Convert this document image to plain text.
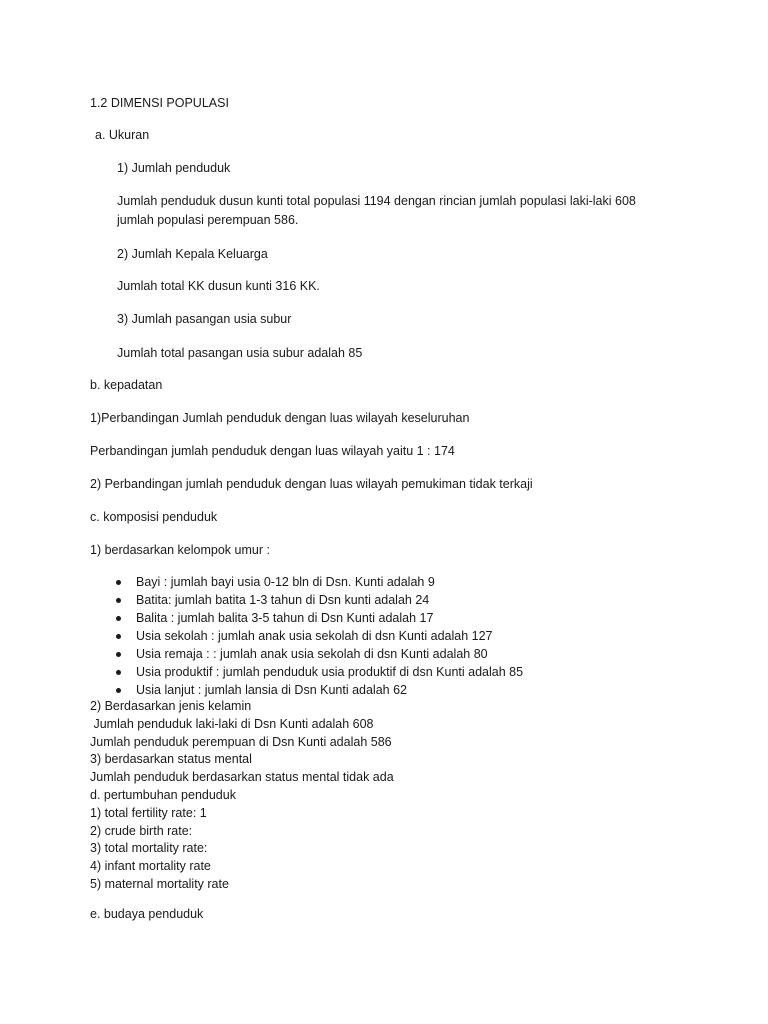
1.2 DIMENSI POPULASI
a. Ukuran
1) Jumlah penduduk
Jumlah penduduk dusun kunti total populasi 1194 dengan rincian jumlah populasi laki-laki 608
jumlah populasi perempuan 586.
2) Jumlah Kepala Keluarga
Jumlah total KK dusun kunti 316 KK.
3) Jumlah pasangan usia subur
Jumlah total pasangan usia subur adalah 85
b. kepadatan
1)Perbandingan Jumlah penduduk dengan luas wilayah keseluruhan
Perbandingan jumlah penduduk dengan luas wilayah yaitu 1 : 174
2) Perbandingan jumlah penduduk dengan luas wilayah pemukiman tidak terkaji
c. komposisi penduduk
1) berdasarkan kelompok umur :
Bayi : jumlah bayi usia 0-12 bln di Dsn. Kunti adalah 9
Batita: jumlah batita 1-3 tahun di Dsn kunti adalah 24
Balita : jumlah balita 3-5 tahun di Dsn Kunti adalah 17
Usia sekolah : jumlah anak usia sekolah di dsn Kunti adalah 127
Usia remaja : : jumlah anak usia sekolah di dsn Kunti adalah 80
Usia produktif : jumlah penduduk usia produktif di dsn Kunti adalah 85
Usia lanjut : jumlah lansia di Dsn Kunti adalah 62
2) Berdasarkan jenis kelamin
Jumlah penduduk laki-laki di Dsn Kunti adalah 608
Jumlah penduduk perempuan di Dsn Kunti adalah 586
3) berdasarkan status mental
Jumlah penduduk berdasarkan status mental tidak ada
d. pertumbuhan penduduk
1) total fertility rate: 1
2) crude birth rate:
3) total mortality rate:
4) infant mortality rate
5) maternal mortality rate
e. budaya penduduk
